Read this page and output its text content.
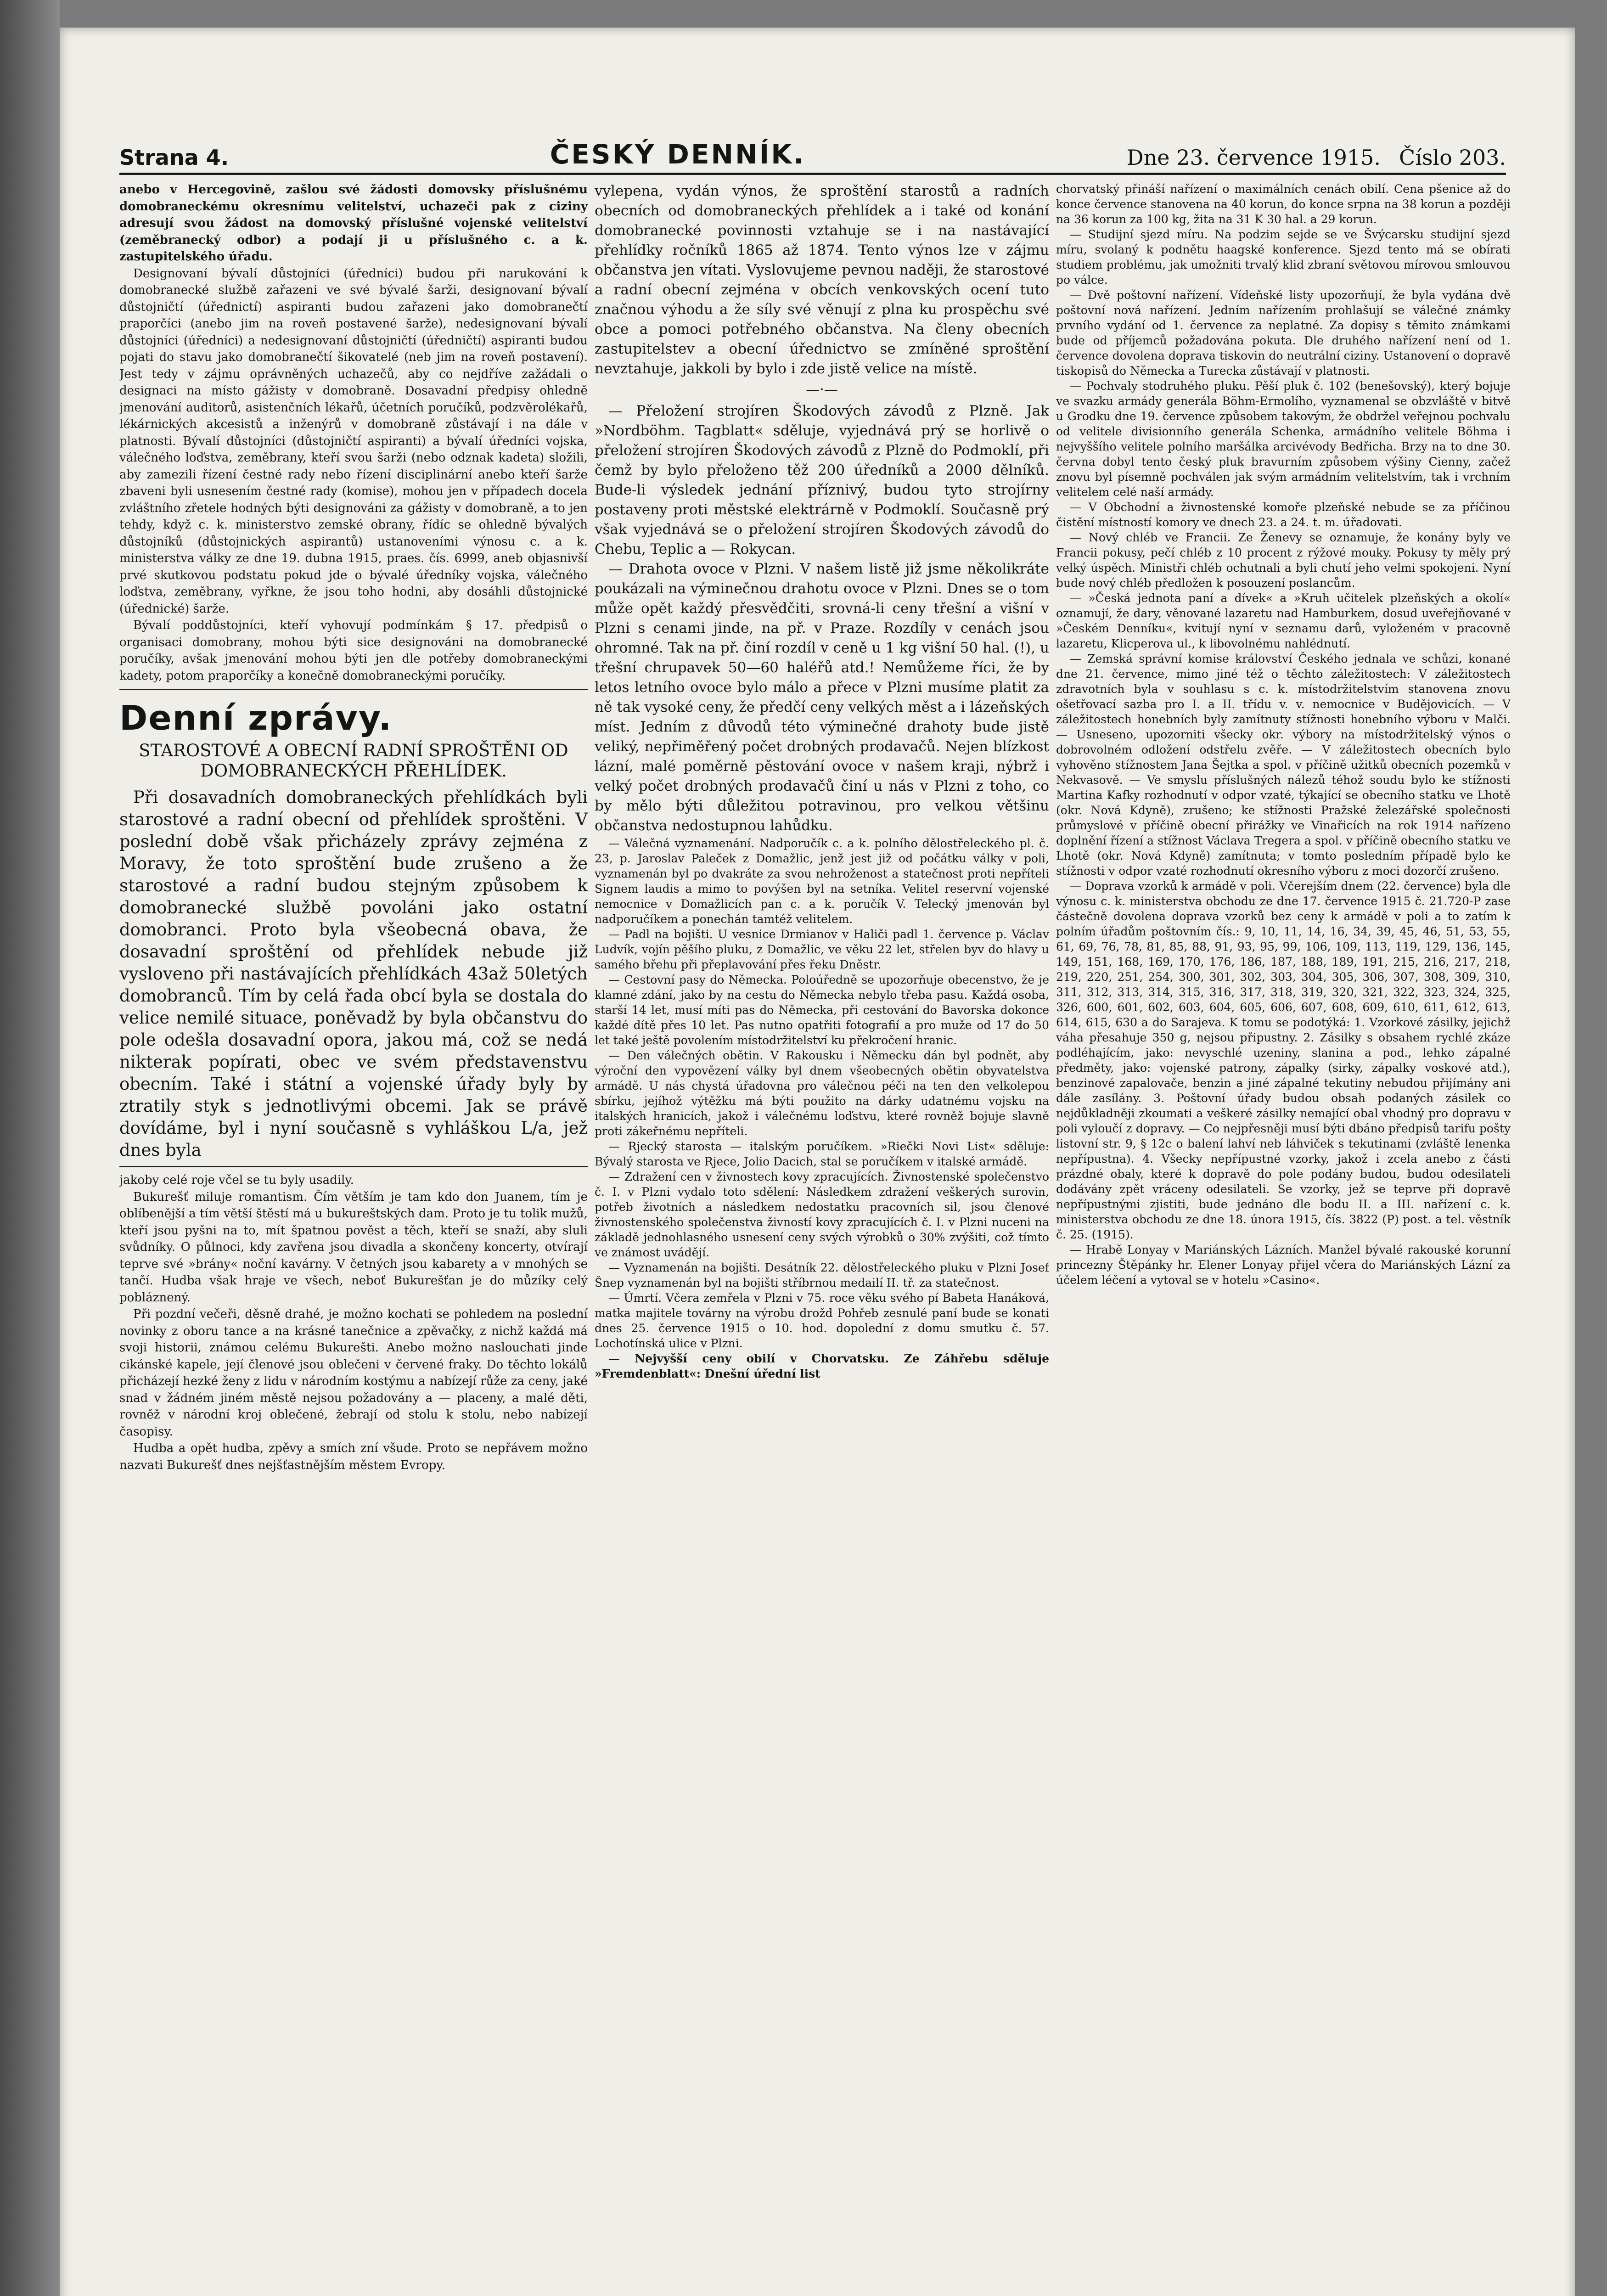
Strana 4.	ČESKÝ DENNÍK.	Dne 23. července 1915. Číslo 203.

anebo v Hercegovině, zašlou své žádosti domovsky příslušnému domobraneckému okresnímu velitelství, uchazeči pak z ciziny adresují svou žádost na domovský příslušné vojenské velitelství (zeměbranecký odbor) a podají ji u příslušného c. a k. zastupitelského úřadu.

Designovaní bývalí důstojníci (úředníci) budou při narukování k domobranecké službě zařazeni ve své bývalé šarži, designovaní bývalí důstojničtí (úřednictí) aspiranti budou zařazeni jako domobranečtí praporčíci (anebo jim na roveň postavené šarže), nedesignovaní bývalí důstojníci (úředníci) a nedesignovaní důstojničtí (úředničtí) aspiranti budou pojati do stavu jako domobranečtí šikovatelé (neb jim na roveň postavení). Jest tedy v zájmu oprávněných uchazečů, aby co nejdříve zažádali o designaci na místo gážisty v domobraně. Dosavadní předpisy ohledně jmenování auditorů, asistenčních lékařů, účetních poručíků, podzvěrolékařů, lékárnických akcesistů a inženýrů v domobraně zůstávají i na dále v platnosti. Bývalí důstojníci (důstojničtí aspiranti) a bývalí úředníci vojska, válečného loďstva, zeměbrany, kteří svou šarži (nebo odznak kadeta) složili, aby zamezili řízení čestné rady nebo řízení disciplinární anebo kteří šarže zbaveni byli usnesením čestné rady (komise), mohou jen v případech docela zvláštního zřetele hodných býti designováni za gážisty v domobraně, a to jen tehdy, když c. k. ministerstvo zemské obrany, řídíc se ohledně bývalých důstojníků (důstojnických aspirantů) ustanoveními výnosu c. a k. ministerstva války ze dne 19. dubna 1915, praes. čís. 6999, aneb objasnivší prvé skutkovou podstatu pokud jde o bývalé úředníky vojska, válečného loďstva, zeměbrany, vyřkne, že jsou toho hodni, aby dosáhli důstojnické (úřednické) šarže.

Bývalí poddůstojníci, kteří vyhovují podmínkám § 17. předpisů o organisaci domobrany, mohou býti sice designováni na domobranecké poručíky, avšak jmenování mohou býti jen dle potřeby domobraneckými kadety, potom praporčíky a konečně domobraneckými poručíky.

Denní zprávy.
STAROSTOVÉ A OBECNÍ RADNÍ SPROŠTĚNI OD DOMOBRANECKÝCH PŘEHLÍDEK.

Při dosavadních domobraneckých přehlídkách byli starostové a radní obecní od přehlídek sproštěni. V poslední době však přicházely zprávy zejména z Moravy, že toto sproštění bude zrušeno a že starostové a radní budou stejným způsobem k domobranecké službě povoláni jako ostatní domobranci. Proto byla všeobecná obava, že dosavadní sproštění od přehlídek nebude již vysloveno při nastávajících přehlídkách 43až 50letých domobranců. Tím by celá řada obcí byla se dostala do velice nemilé situace, poněvadž by byla občanstvu do pole odešla dosavadní opora, jakou má, což se nedá nikterak popírati, obec ve svém představenstvu obecním. Také i státní a vojenské úřady byly by ztratily styk s jednotlivými obcemi. Jak se právě dovídáme, byl i nyní současně s vyhláškou L/a, jež dnes byla

jakoby celé roje včel se tu byly usadily.

Bukurešť miluje romantism. Čím větším je tam kdo don Juanem, tím je oblíbenější a tím větší štěstí má u bukureštských dam. Proto je tu tolik mužů, kteří jsou pyšni na to, mít špatnou pověst a těch, kteří se snaží, aby sluli svůdníky. O půlnoci, kdy zavřena jsou divadla a skončeny koncerty, otvírají teprve své »brány« noční kavárny. V četných jsou kabarety a v mnohých se tančí. Hudba však hraje ve všech, neboť Bukurešťan je do můzíky celý pobláznený.

Při pozdní večeři, děsně drahé, je možno kochati se pohledem na poslední novinky z oboru tance a na krásné tanečnice a zpěvačky, z nichž každá má svoji historii, známou celému Bukurešti. Anebo možno naslouchati jinde cikánské kapele, její členové jsou oblečeni v červené fraky. Do těchto lokálů přicházejí hezké ženy z lidu v národním kostýmu a nabízejí růže za ceny, jaké snad v žádném jiném městě nejsou požadovány a — placeny, a malé děti, rovněž v národní kroj oblečené, žebrají od stolu k stolu, nebo nabízejí časopisy.

Hudba a opět hudba, zpěvy a smích zní všude. Proto se nepřávem možno nazvati Bukurešť dnes nejšťastnějším městem Evropy.

vylepena, vydán výnos, že sproštění starostů a radních obecních od domobraneckých přehlídek a i také od konání domobranecké povinnosti vztahuje se i na nastávající přehlídky ročníků 1865 až 1874. Tento výnos lze v zájmu občanstva jen vítati. Vyslovujeme pevnou naději, že starostové a radní obecní zejména v obcích venkovských ocení tuto značnou výhodu a že síly své věnují z plna ku prospěchu své obce a pomoci potřebného občanstva. Na členy obecních zastupitelstev a obecní úřednictvo se zmíněné sproštění nevztahuje, jakkoli by bylo i zde jistě velice na místě.

—·—

— Přeložení strojíren Škodových závodů z Plzně. Jak »Nordböhm. Tagblatt« sděluje, vyjednává prý se horlivě o přeložení strojíren Škodových závodů z Plzně do Podmoklí, při čemž by bylo přeloženo těž 200 úředníků a 2000 dělníků. Bude-li výsledek jednání příznivý, budou tyto strojírny postaveny proti městské elektrárně v Podmoklí. Současně prý však vyjednává se o přeložení strojíren Škodových závodů do Chebu, Teplic a — Rokycan.

— Drahota ovoce v Plzni. V našem listě již jsme několikráte poukázali na výminečnou drahotu ovoce v Plzni. Dnes se o tom může opět každý přesvědčiti, srovná-li ceny třešní a višní v Plzni s cenami jinde, na př. v Praze. Rozdíly v cenách jsou ohromné. Tak na př. činí rozdíl v ceně u 1 kg višní 50 hal. (!), u třešní chrupavek 50—60 haléřů atd.! Nemůžeme říci, že by letos letního ovoce bylo málo a přece v Plzni musíme platit za ně tak vysoké ceny, že předčí ceny velkých měst a i lázeňských míst. Jedním z důvodů této výminečné drahoty bude jistě veliký, nepřiměřený počet drobných prodavačů. Nejen blízkost lázní, malé poměrně pěstování ovoce v našem kraji, nýbrž i velký počet drobných prodavačů činí u nás v Plzni z toho, co by mělo býti důležitou potravinou, pro velkou většinu občanstva nedostupnou lahůdku.

— Válečná vyznamenání. Nadporučík c. a k. polního dělostřeleckého pl. č. 23, p. Jaroslav Paleček z Domažlic, jenž jest již od počátku války v poli, vyznamenán byl po dvakráte za svou nehroženost a statečnost proti nepříteli Signem laudis a mimo to povýšen byl na setníka. Velitel reservní vojenské nemocnice v Domažlicích pan c. a k. poručík V. Telecký jmenován byl nadporučíkem a ponechán tamtéž velitelem.

— Padl na bojišti. U vesnice Drmianov v Haliči padl 1. července p. Václav Ludvík, vojín pěšího pluku, z Domažlic, ve věku 22 let, střelen byv do hlavy u samého břehu při přeplavování přes řeku Dněstr.

— Cestovní pasy do Německa. Poloúředně se upozorňuje obecenstvo, že je klamné zdání, jako by na cestu do Německa nebylo třeba pasu. Každá osoba, starší 14 let, musí míti pas do Německa, při cestování do Bavorska dokonce každé dítě přes 10 let. Pas nutno opatřiti fotografií a pro muže od 17 do 50 let také ještě povolením místodržitelství ku překročení hranic.

— Den válečných obětin. V Rakousku i Německu dán byl podnět, aby výroční den vypovězení války byl dnem všeobecných obětin obyvatelstva armádě. U nás chystá úřadovna pro válečnou péči na ten den velkolepou sbírku, jejíhož výtěžku má býti použito na dárky udatnému vojsku na italských hranicích, jakož i válečnému loďstvu, které rovněž bojuje slavně proti zákeřnému nepříteli.

— Rjecký starosta — italským poručíkem. »Riečki Novi List« sděluje: Bývalý starosta ve Rjece, Jolio Dacich, stal se poručíkem v italské armádě.

— Zdražení cen v živnostech kovy zpracujících. Živnostenské společenstvo č. I. v Plzni vydalo toto sdělení: Následkem zdražení veškerých surovin, potřeb životních a následkem nedostatku pracovních sil, jsou členové živnostenského společenstva živností kovy zpracujících č. I. v Plzni nuceni na základě jednohlasného usnesení ceny svých výrobků o 30% zvýšiti, což tímto ve známost uvádějí.

— Vyznamenán na bojišti. Desátník 22. dělostřeleckého pluku v Plzni Josef Šnep vyznamenán byl na bojišti stříbrnou medailí II. tř. za statečnost.

— Úmrtí. Včera zemřela v Plzni v 75. roce věku svého pí Babeta Hanáková, matka majitele továrny na výrobu drožd Pohřeb zesnulé paní bude se konati dnes 25. července 1915 o 10. hod. dopolední z domu smutku č. 57. Lochotínská ulice v Plzni.

— Nejvyšší ceny obilí v Chorvatsku. Ze Záhřebu sděluje »Fremdenblatt«: Dnešní úřední list

chorvatský přináší nařízení o maximálních cenách obilí. Cena pšenice až do konce července stanovena na 40 korun, do konce srpna na 38 korun a později na 36 korun za 100 kg, žita na 31 K 30 hal. a 29 korun.

— Studijní sjezd míru. Na podzim sejde se ve Švýcarsku studijní sjezd míru, svolaný k podnětu haagské konference. Sjezd tento má se obírati studiem problému, jak umožniti trvalý klid zbraní světovou mírovou smlouvou po válce.

— Dvě poštovní nařízení. Vídeňské listy upozorňují, že byla vydána dvě poštovní nová nařízení. Jedním nařízením prohlašují se válečné známky prvního vydání od 1. července za neplatné. Za dopisy s těmito známkami bude od příjemců požadována pokuta. Dle druhého nařízení není od 1. července dovolena doprava tiskovin do neutrální ciziny. Ustanovení o dopravě tiskopisů do Německa a Turecka zůstávají v platnosti.

— Pochvaly stodruhého pluku. Pěší pluk č. 102 (benešovský), který bojuje ve svazku armády generála Böhm-Ermolího, vyznamenal se obzvláště v bitvě u Grodku dne 19. července způsobem takovým, že obdržel veřejnou pochvalu od velitele divisionního generála Schenka, armádního velitele Böhma i nejvyššího velitele polního maršálka arcivévody Bedřicha. Brzy na to dne 30. června dobyl tento český pluk bravurním způsobem výšiny Cienny, začež znovu byl písemně pochválen jak svým armádním velitelstvím, tak i vrchním velitelem celé naší armády.

— V Obchodní a živnostenské komoře plzeňské nebude se za příčinou čistění místností komory ve dnech 23. a 24. t. m. úřadovati.

— Nový chléb ve Francii. Ze Ženevy se oznamuje, že konány byly ve Francii pokusy, pečí chléb z 10 procent z rýžové mouky. Pokusy ty měly prý velký úspěch. Ministři chléb ochutnali a byli chutí jeho velmi spokojeni. Nyní bude nový chléb předložen k posouzení poslancům.

— »Česká jednota paní a dívek« a »Kruh učitelek plzeňských a okolí« oznamují, že dary, věnované lazaretu nad Hamburkem, dosud uveřejňované v »Českém Denníku«, kvitují nyní v seznamu darů, vyloženém v pracovně lazaretu, Klicperova ul., k libovolnému nahlédnutí.

— Zemská správní komise království Českého jednala ve schůzi, konané dne 21. července, mimo jiné též o těchto záležitostech: V záležitostech zdravotních byla v souhlasu s c. k. místodržitelstvím stanovena znovu ošetřovací sazba pro I. a II. třídu v. v. nemocnice v Budějovicích. — V záležitostech honebních byly zamítnuty stížnosti honebního výboru v Malči. — Usneseno, upozorniti všecky okr. výbory na místodržitelský výnos o dobrovolném odložení odstřelu zvěře. — V záležitostech obecních bylo vyhověno stížnostem Jana Šejtka a spol. v příčině užitků obecních pozemků v Nekvasově. — Ve smyslu příslušných nálezů téhož soudu bylo ke stížnosti Martina Kafky rozhodnutí v odpor vzaté, týkající se obecního statku ve Lhotě (okr. Nová Kdyně), zrušeno; ke stížnosti Pražské železářské společnosti průmyslové v příčině obecní přirážky ve Vinařicích na rok 1914 nařízeno doplnění řízení a stížnost Václava Tregera a spol. v příčině obecního statku ve Lhotě (okr. Nová Kdyně) zamítnuta; v tomto posledním případě bylo ke stížnosti v odpor vzaté rozhodnutí okresního výboru z moci dozorčí zrušeno.

— Doprava vzorků k armádě v poli. Včerejším dnem (22. července) byla dle výnosu c. k. ministerstva obchodu ze dne 17. července 1915 č. 21.720-P zase částečně dovolena doprava vzorků bez ceny k armádě v poli a to zatím k polním úřadům poštovním čís.: 9, 10, 11, 14, 16, 34, 39, 45, 46, 51, 53, 55, 61, 69, 76, 78, 81, 85, 88, 91, 93, 95, 99, 106, 109, 113, 119, 129, 136, 145, 149, 151, 168, 169, 170, 176, 186, 187, 188, 189, 191, 215, 216, 217, 218, 219, 220, 251, 254, 300, 301, 302, 303, 304, 305, 306, 307, 308, 309, 310, 311, 312, 313, 314, 315, 316, 317, 318, 319, 320, 321, 322, 323, 324, 325, 326, 600, 601, 602, 603, 604, 605, 606, 607, 608, 609, 610, 611, 612, 613, 614, 615, 630 a do Sarajeva. K tomu se podotýká: 1. Vzorkové zásilky, jejichž váha přesahuje 350 g, nejsou připustny. 2. Zásilky s obsahem rychlé zkáze podléhajícím, jako: nevyschlé uzeniny, slanina a pod., lehko zápalné předměty, jako: vojenské patrony, zápalky (sirky, zápalky voskové atd.), benzinové zapalovače, benzin a jiné zápalné tekutiny nebudou přijímány ani dále zasílány. 3. Poštovní úřady budou obsah podaných zásilek co nejdůkladněji zkoumati a veškeré zásilky nemající obal vhodný pro dopravu v poli vyloučí z dopravy. — Co nejpřesněji musí býti dbáno předpisů tarifu pošty listovní str. 9, § 12c o balení lahví neb láhviček s tekutinami (zvláště lenenka nepřípustna). 4. Všecky nepřípustné vzorky, jakož i zcela anebo z části prázdné obaly, které k dopravě do pole podány budou, budou odesilateli dodávány zpět vráceny odesilateli. Se vzorky, jež se teprve při dopravě nepřípustnými zjistiti, bude jednáno dle bodu II. a III. nařízení c. k. ministerstva obchodu ze dne 18. února 1915, čís. 3822 (P) post. a tel. věstník č. 25. (1915).

— Hrabě Lonyay v Mariánských Lázních. Manžel bývalé rakouské korunní princezny Štěpánky hr. Elener Lonyay přijel včera do Mariánských Lázní za účelem léčení a vytoval se v hotelu »Casino«.
